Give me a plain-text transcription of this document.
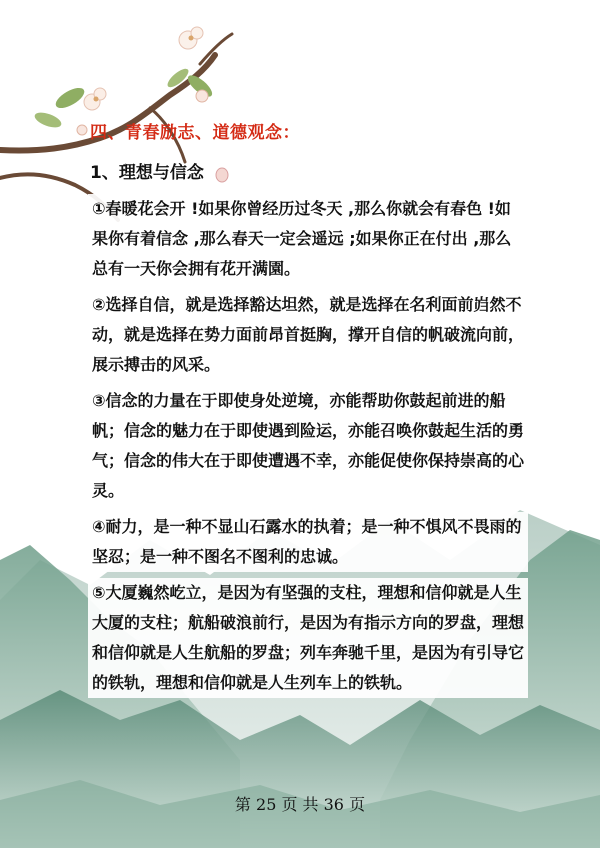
四、青春励志、道德观念：
1、理想与信念
①春暖花会开 !如果你曾经历过冬天 ,那么你就会有春色 !如果你有着信念 ,那么春天一定会遥远 ;如果你正在付出 ,那么总有一天你会拥有花开满園。
②选择自信，就是选择豁达坦然，就是选择在名利面前岿然不动，就是选择在势力面前昂首挺胸，撑开自信的帆破流向前，展示搏击的风采。
③信念的力量在于即使身处逆境，亦能帮助你鼓起前进的船帆；信念的魅力在于即使遇到险运，亦能召唤你鼓起生活的勇气；信念的伟大在于即使遭遇不幸，亦能促使你保持崇高的心灵。
④耐力，是一种不显山石露水的执着；是一种不惧风不畏雨的坚忍；是一种不图名不图利的忠诚。
⑤大厦巍然屹立，是因为有坚强的支柱，理想和信仰就是人生大厦的支柱；航船破浪前行，是因为有指示方向的罗盘，理想和信仰就是人生航船的罗盘；列车奔驰千里，是因为有引导它的铁轨，理想和信仰就是人生列车上的铁轨。
第 25 页 共 36 页
